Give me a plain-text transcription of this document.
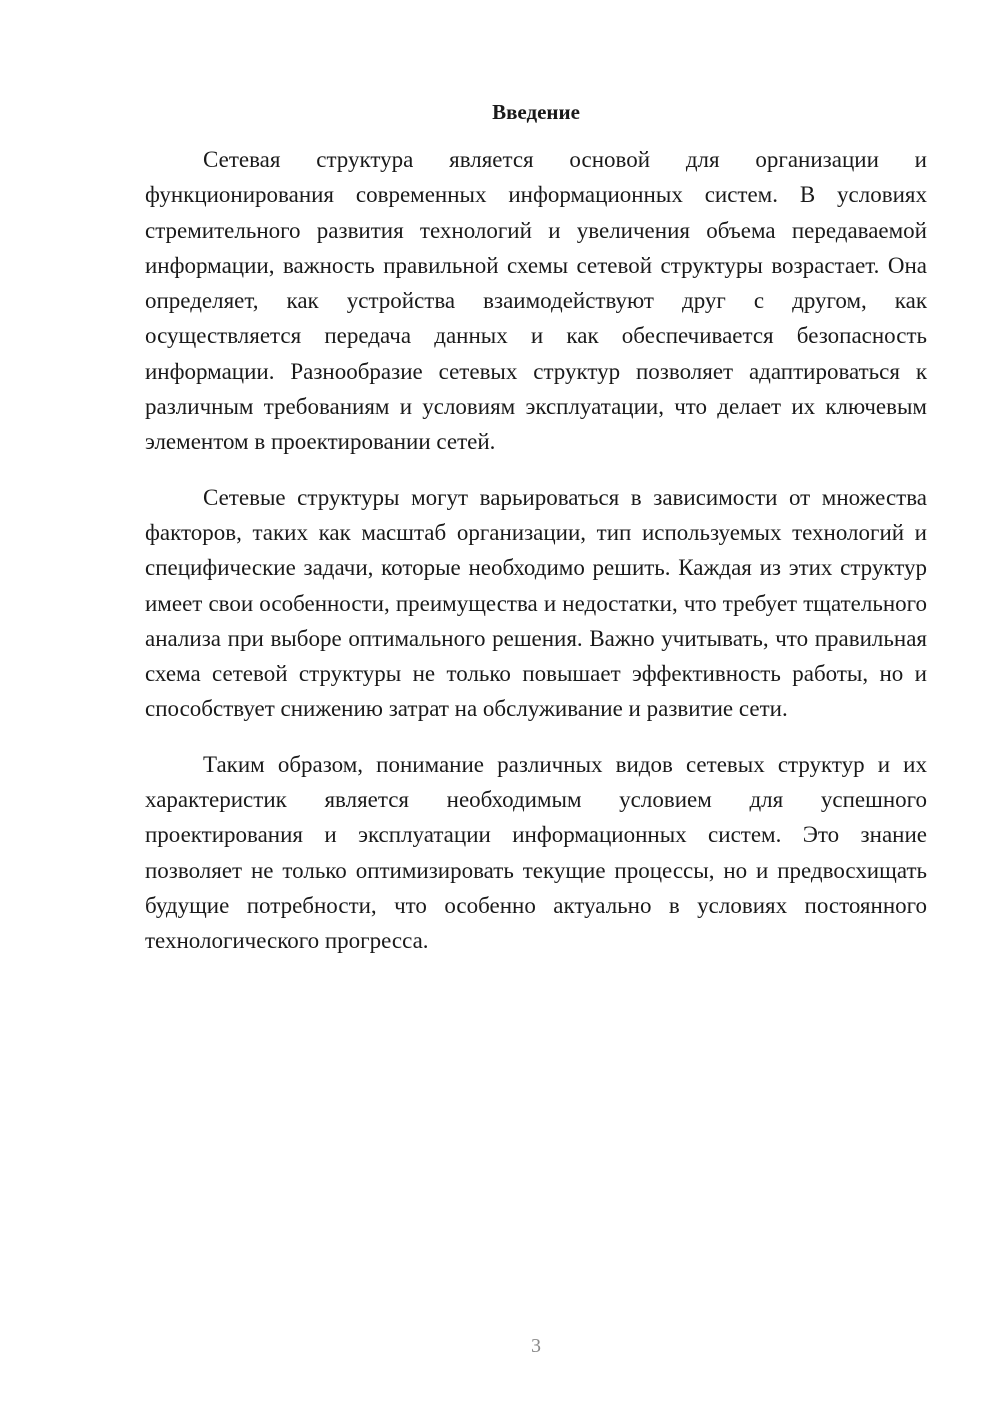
Введение

Сетевая структура является основой для организации и функционирования современных информационных систем. В условиях стремительного развития технологий и увеличения объема передаваемой информации, важность правильной схемы сетевой структуры возрастает. Она определяет, как устройства взаимодействуют друг с другом, как осуществляется передача данных и как обеспечивается безопасность информации. Разнообразие сетевых структур позволяет адаптироваться к различным требованиям и условиям эксплуатации, что делает их ключевым элементом в проектировании сетей.

Сетевые структуры могут варьироваться в зависимости от множества факторов, таких как масштаб организации, тип используемых технологий и специфические задачи, которые необходимо решить. Каждая из этих структур имеет свои особенности, преимущества и недостатки, что требует тщательного анализа при выборе оптимального решения. Важно учитывать, что правильная схема сетевой структуры не только повышает эффективность работы, но и способствует снижению затрат на обслуживание и развитие сети.

Таким образом, понимание различных видов сетевых структур и их характеристик является необходимым условием для успешного проектирования и эксплуатации информационных систем. Это знание позволяет не только оптимизировать текущие процессы, но и предвосхищать будущие потребности, что особенно актуально в условиях постоянного технологического прогресса.

3
